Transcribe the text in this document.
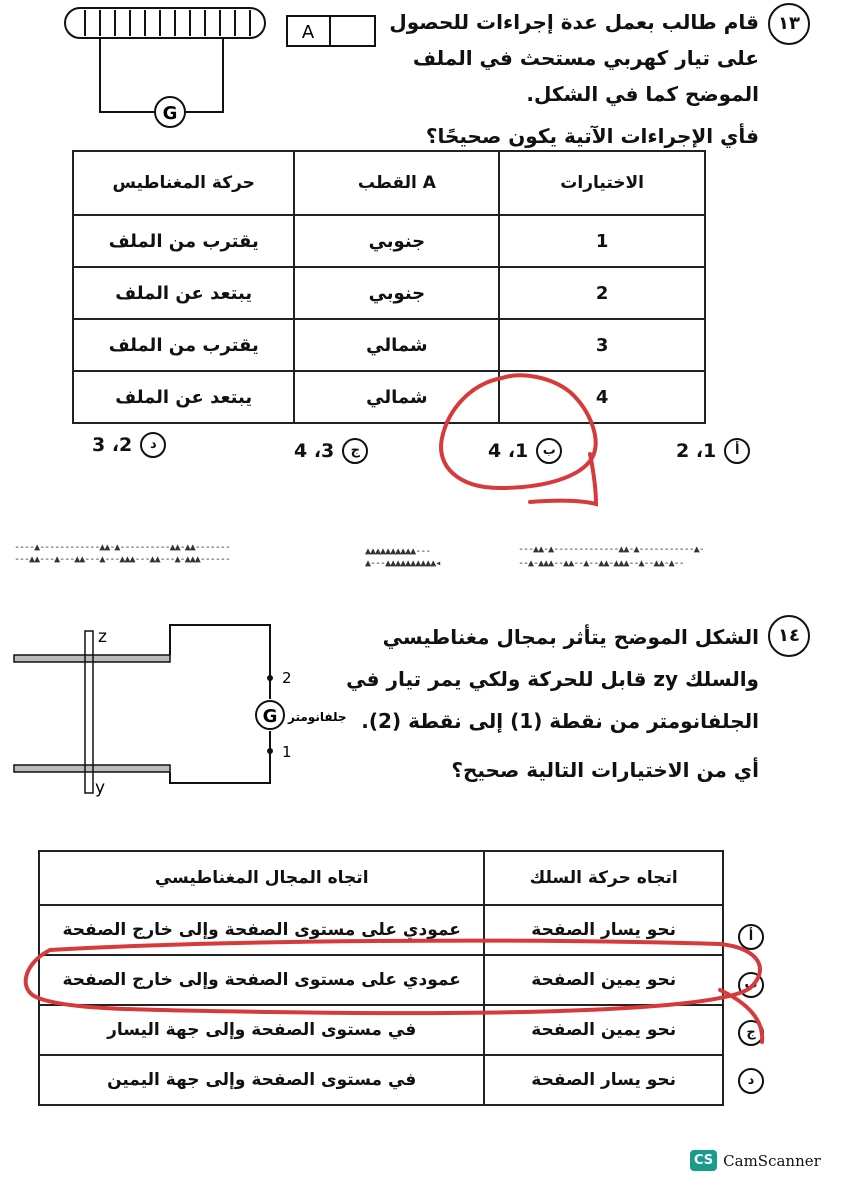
١٣
قام طالب بعمل عدة إجراءات للحصول
على تيار كهربي مستحث في الملف
الموضح كما في الشكل.
فأي الإجراءات الآتية يكون صحيحًا؟
G
A
حركة المغناطيس	القطب A	الاختيارات
يقترب من الملف	جنوبي	1
يبتعد عن الملف	جنوبي	2
يقترب من الملف	شمالي	3
يبتعد عن الملف	شمالي	4
2 ،1	أ
4 ،1	ب
4 ،3	ج
3 ،2	د
----▲------------▲▲-▲----------▲▲-▲▲-------
---▲▲---▲---▲▲---▲---▲▲▲---▲▲---▲-▲▲▲------
▲▲▲▲▲▲▲▲▲▲---
▲---▲▲▲▲▲▲▲▲▲▲◂
---▲▲-▲-------------▲▲-▲-----------▲-
--▲-▲▲▲--▲▲--▲--▲▲-▲▲▲--▲--▲▲-▲--
١٤
الشكل الموضح يتأثر بمجال مغناطيسي
والسلك zy قابل للحركة ولكي يمر تيار في
الجلفانومتر من نقطة (1) إلى نقطة (2).
أي من الاختيارات التالية صحيح؟
z
y
G
2
1
جلفانومتر
اتجاه المجال المغناطيسي	اتجاه حركة السلك
عمودي على مستوى الصفحة وإلى خارج الصفحة	نحو يسار الصفحة
عمودي على مستوى الصفحة وإلى خارج الصفحة	نحو يمين الصفحة
في مستوى الصفحة وإلى جهة اليسار	نحو يمين الصفحة
في مستوى الصفحة وإلى جهة اليمين	نحو يسار الصفحة
أ
ب
ج
د
CS CamScanner
